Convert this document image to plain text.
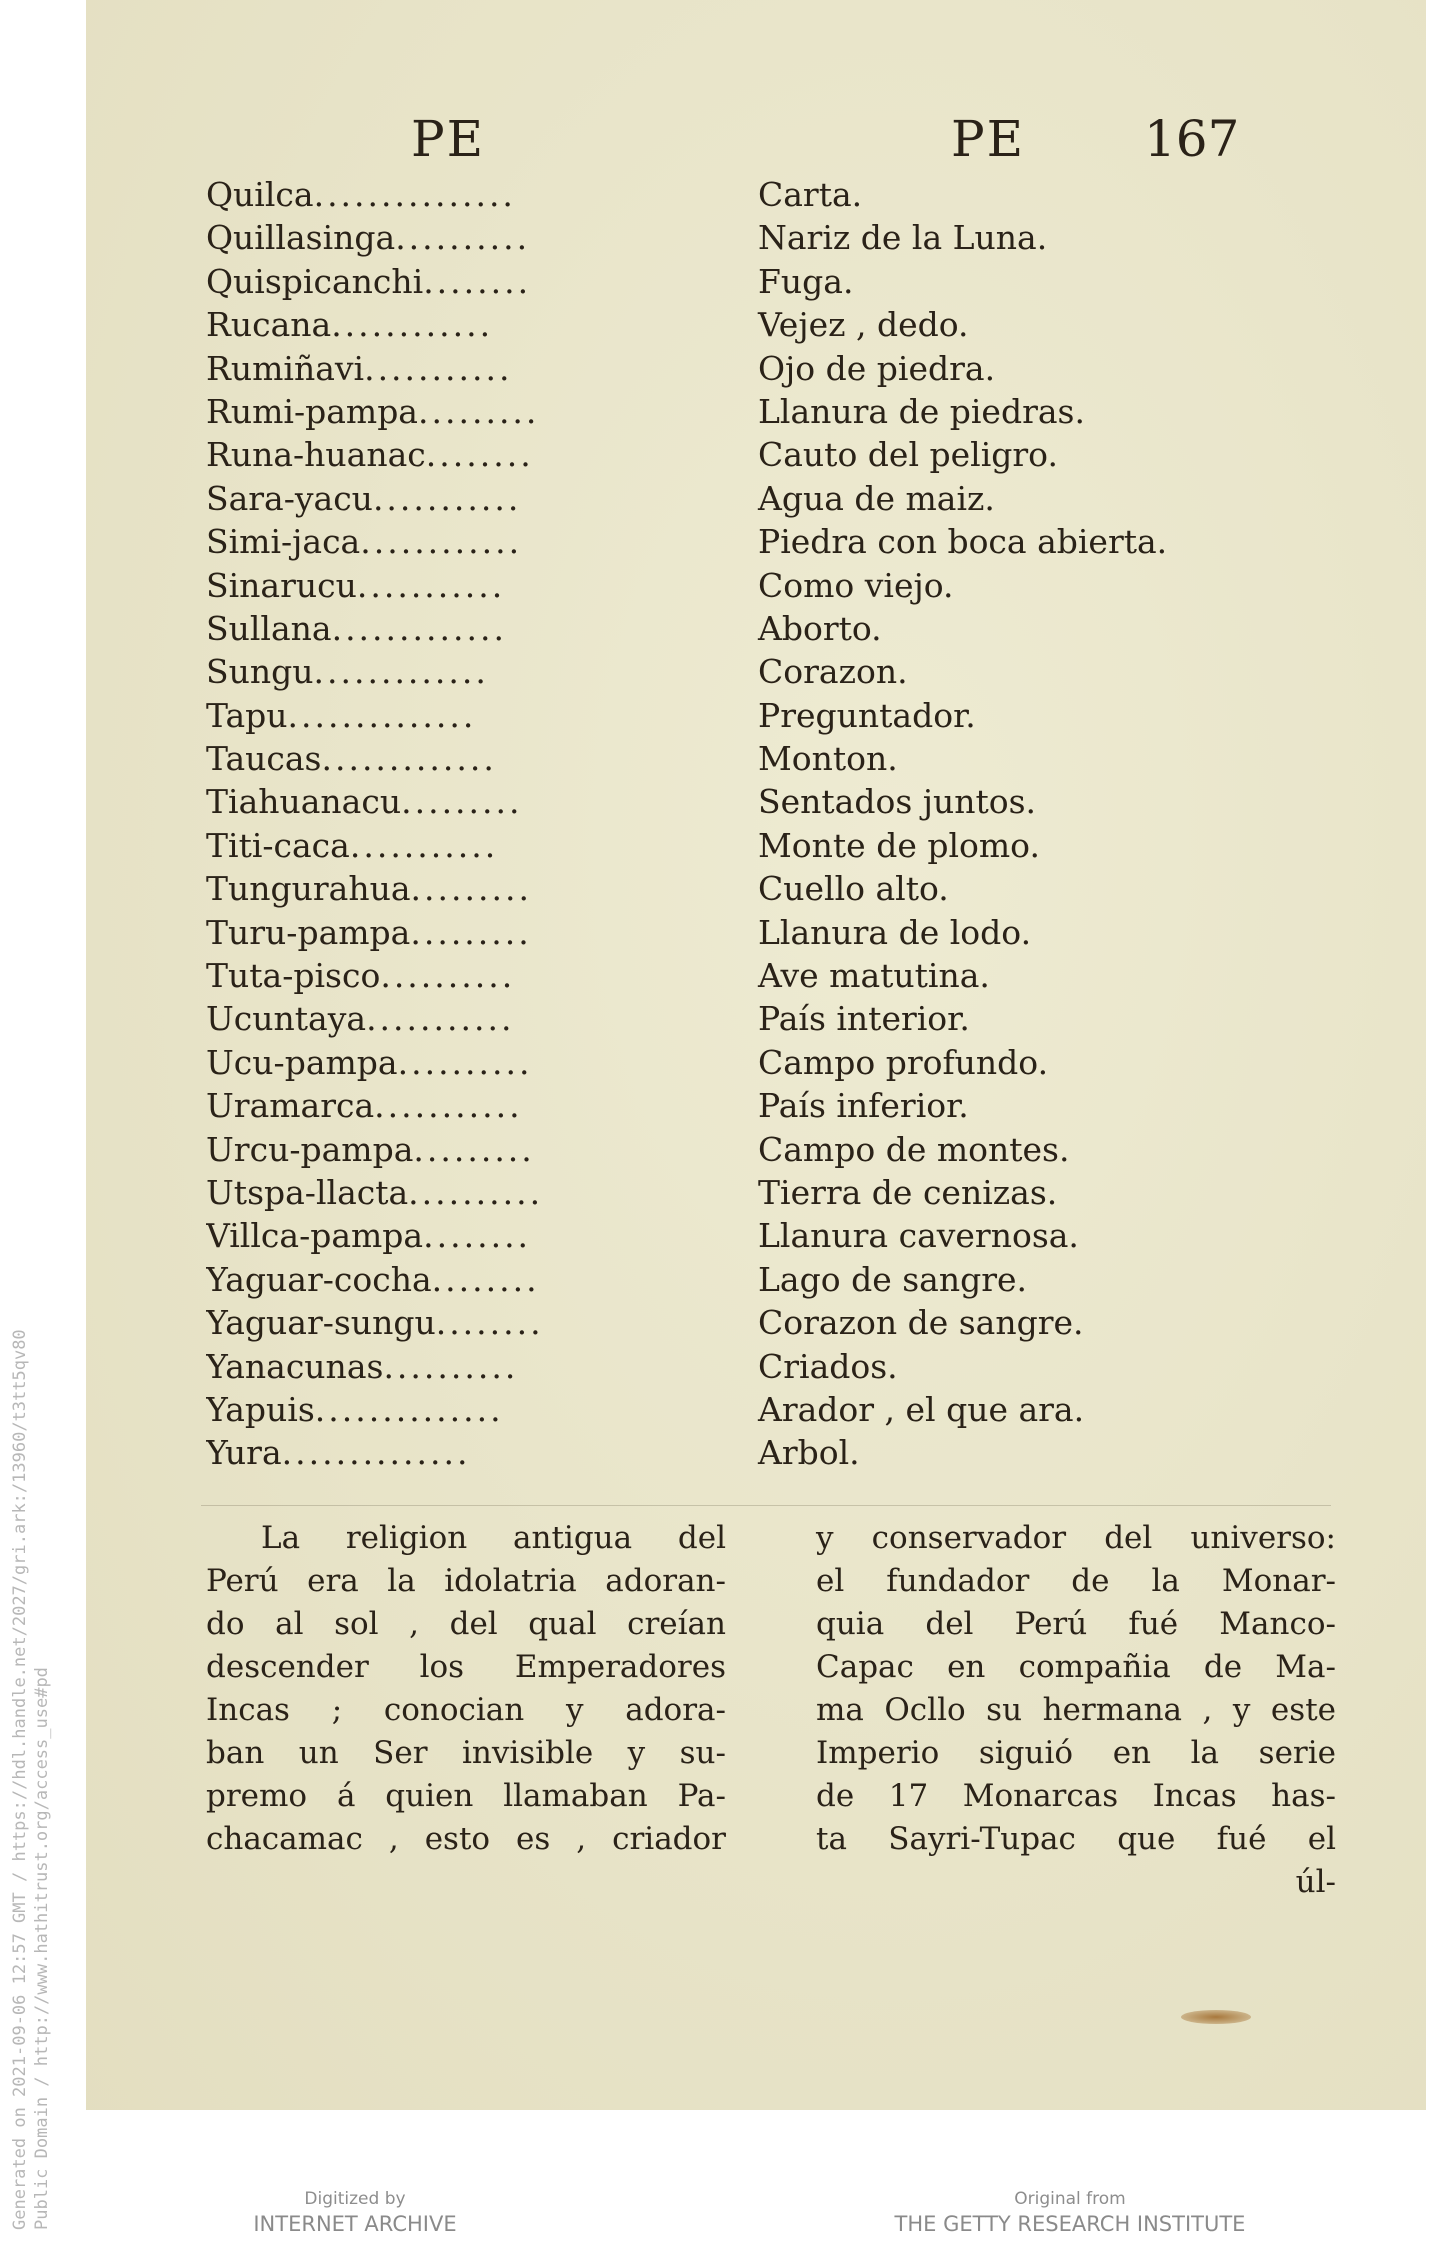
PE	PE 167
Quilca...............	Carta.
Quillasinga..........	Nariz de la Luna.
Quispicanchi........	Fuga.
Rucana............	Vejez , dedo.
Rumiñavi...........	Ojo de piedra.
Rumi-pampa.........	Llanura de piedras.
Runa-huanac........	Cauto del peligro.
Sara-yacu...........	Agua de maiz.
Simi-jaca............	Piedra con boca abierta.
Sinarucu...........	Como viejo.
Sullana.............	Aborto.
Sungu.............	Corazon.
Tapu..............	Preguntador.
Taucas.............	Monton.
Tiahuanacu.........	Sentados juntos.
Titi-caca...........	Monte de plomo.
Tungurahua.........	Cuello alto.
Turu-pampa.........	Llanura de lodo.
Tuta-pisco..........	Ave matutina.
Ucuntaya...........	País interior.
Ucu-pampa..........	Campo profundo.
Uramarca...........	País inferior.
Urcu-pampa.........	Campo de montes.
Utspa-llacta..........	Tierra de cenizas.
Villca-pampa........	Llanura cavernosa.
Yaguar-cocha........	Lago de sangre.
Yaguar-sungu........	Corazon de sangre.
Yanacunas..........	Criados.
Yapuis..............	Arador , el que ara.
Yura..............	Arbol.
La religion antigua del
Perú era la idolatria adoran-
do al sol , del qual creían
descender los Emperadores
Incas ; conocian y adora-
ban un Ser invisible y su-
premo á quien llamaban Pa-
chacamac , esto es , criador
y conservador del universo:
el fundador de la Monar-
quia del Perú fué Manco-
Capac en compañia de Ma-
ma Ocllo su hermana , y este
Imperio siguió en la serie
de 17 Monarcas Incas has-
ta Sayri-Tupac que fué el
úl-
Generated on 2021-09-06 12:57 GMT / https://hdl.handle.net/2027/gri.ark:/13960/t3tt5qv80 Public Domain / http://www.hathitrust.org/access_use#pd	Digitized by
INTERNET ARCHIVE
Original from
THE GETTY RESEARCH INSTITUTE
